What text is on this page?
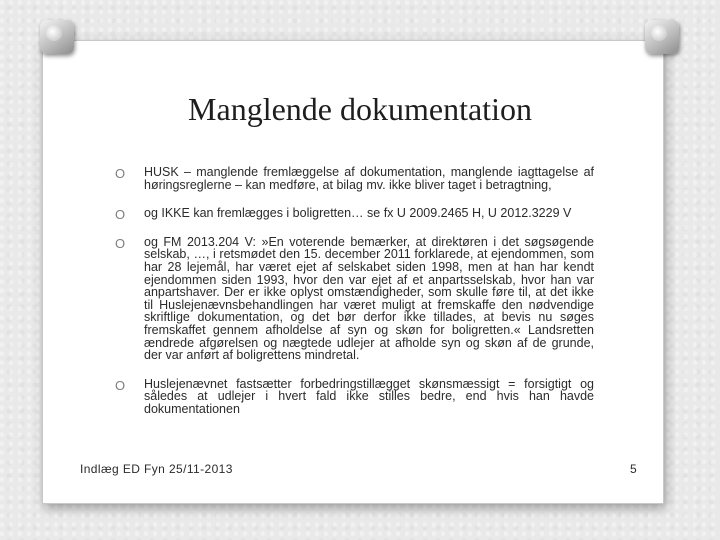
Manglende dokumentation
O HUSK – manglende fremlæggelse af dokumentation, manglende iagttagelse af høringsreglerne – kan medføre, at bilag mv. ikke bliver taget i betragtning,
O og IKKE kan fremlægges i boligretten… se fx U 2009.2465 H, U 2012.3229 V
O og FM 2013.204 V: »En voterende bemærker, at direktøren i det søgsøgende selskab, …, i retsmødet den 15. december 2011 forklarede, at ejendommen, som har 28 lejemål, har været ejet af selskabet siden 1998, men at han har kendt ejendommen siden 1993, hvor den var ejet af et anpartsselskab, hvor han var anpartshaver. Der er ikke oplyst omstændigheder, som skulle føre til, at det ikke til Huslejenævnsbehandlingen har været muligt at fremskaffe den nødvendige skriftlige dokumentation, og det bør derfor ikke tillades, at bevis nu søges fremskaffet gennem afholdelse af syn og skøn for boligretten.« Landsretten ændrede afgørelsen og nægtede udlejer at afholde syn og skøn af de grunde, der var anført af boligrettens mindretal.
O Huslejenævnet fastsætter forbedringstillægget skønsmæssigt = forsigtigt og således at udlejer i hvert fald ikke stilles bedre, end hvis han havde dokumentationen
Indlæg ED Fyn 25/11-2013	5
